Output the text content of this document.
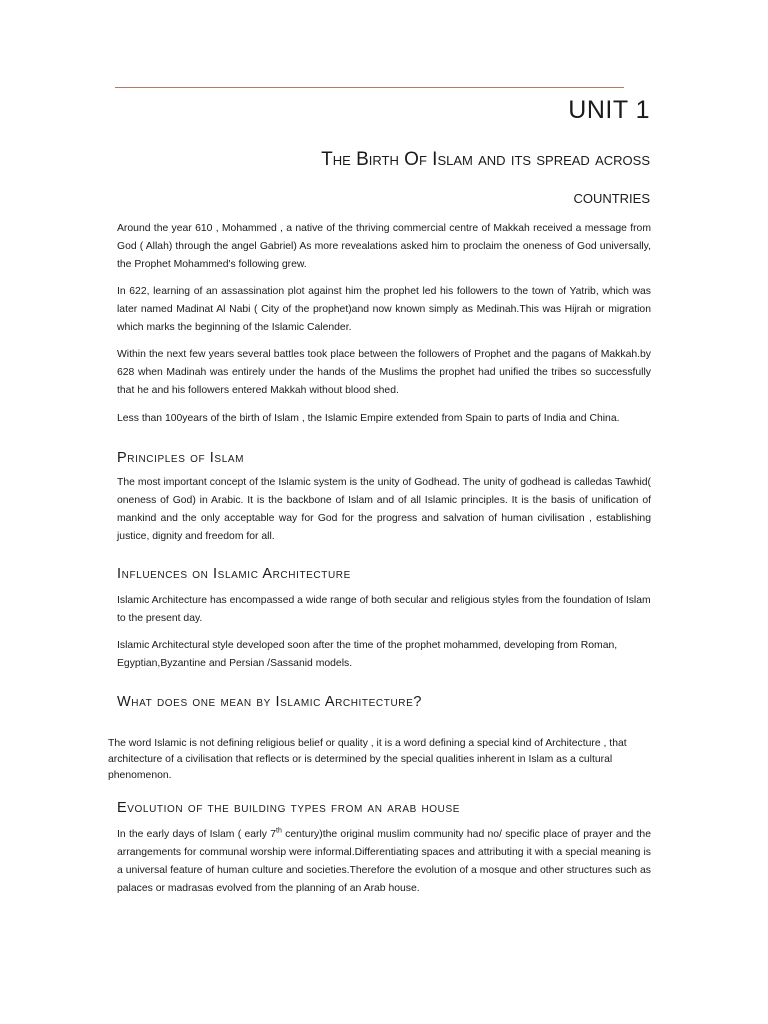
UNIT 1
The Birth Of Islam and its spread across
countries

Around the year 610 , Mohammed , a native of the thriving commercial centre of Makkah received a message from God ( Allah) through the angel Gabriel) As more revealations asked him to proclaim the oneness of God universally, the Prophet Mohammed's following grew.

In 622, learning of an assassination plot against him the prophet led his followers to the town of Yatrib, which was later named Madinat Al Nabi ( City of the prophet)and now known simply as Medinah.This was Hijrah or migration which marks the beginning of the Islamic Calender.

Within the next few years several battles took place between the followers of Prophet and the pagans of Makkah.by 628 when Madinah was entirely under the hands of the Muslims the prophet had unified the tribes so successfully that he and his followers entered Makkah without blood shed.

Less than 100years of the birth of Islam , the Islamic Empire extended from Spain to parts of India and China.

Principles of Islam

The most important concept of the Islamic system is the unity of Godhead. The unity of godhead is calledas Tawhid( oneness of God) in Arabic. It is the backbone of Islam and of all Islamic principles. It is the basis of unification of mankind and the only acceptable way for God for the progress and salvation of human civilisation , establishing justice, dignity and freedom for all.

Influences on Islamic Architecture

Islamic Architecture has encompassed a wide range of both secular and religious styles from the foundation of Islam to the present day.

Islamic Architectural style developed soon after the time of the prophet mohammed, developing from Roman, Egyptian,Byzantine and Persian /Sassanid models.

What does one mean by Islamic Architecture?

The word Islamic is not defining religious belief or quality , it is a word defining a special kind of Architecture , that architecture of a civilisation that reflects or is determined by the special qualities inherent in Islam as a cultural phenomenon.

Evolution of the building types from an arab house

In the early days of Islam ( early 7th century)the original muslim community had no/ specific place of prayer and the arrangements for communal worship were informal.Differentiating spaces and attributing it with a special meaning is a universal feature of human culture and societies.Therefore the evolution of a mosque and other structures such as palaces or madrasas evolved from the planning of an Arab house.
